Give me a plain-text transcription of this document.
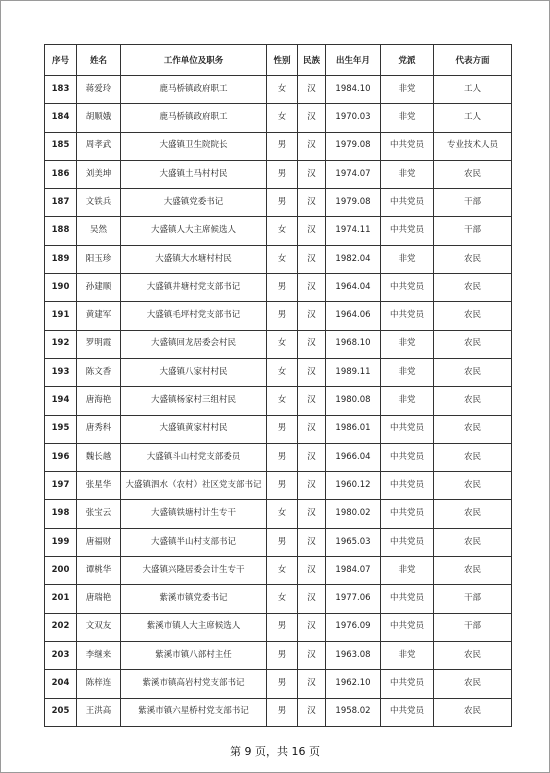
序号	姓名	工作单位及职务	性别	民族	出生年月	党派	代表方面
183	蒋爱玲	鹿马桥镇政府职工	女	汉	1984.10	非党	工人
184	胡顺娥	鹿马桥镇政府职工	女	汉	1970.03	非党	工人
185	周孝武	大盛镇卫生院院长	男	汉	1979.08	中共党员	专业技术人员
186	刘美坤	大盛镇土马村村民	男	汉	1974.07	非党	农民
187	文铁兵	大盛镇党委书记	男	汉	1979.08	中共党员	干部
188	吴然	大盛镇人大主席候选人	女	汉	1974.11	中共党员	干部
189	阳玉珍	大盛镇大水塘村村民	女	汉	1982.04	非党	农民
190	孙建顺	大盛镇井塘村党支部书记	男	汉	1964.04	中共党员	农民
191	黄建军	大盛镇毛坪村党支部书记	男	汉	1964.06	中共党员	农民
192	罗明霞	大盛镇回龙居委会村民	女	汉	1968.10	非党	农民
193	陈文香	大盛镇八家村村民	女	汉	1989.11	非党	农民
194	唐海艳	大盛镇杨家村三组村民	女	汉	1980.08	非党	农民
195	唐秀科	大盛镇黄家村村民	男	汉	1986.01	中共党员	农民
196	魏长越	大盛镇斗山村党支部委员	男	汉	1966.04	中共党员	农民
197	张星华	大盛镇泗水（农村）社区党支部书记	男	汉	1960.12	中共党员	农民
198	张宝云	大盛镇铁塘村计生专干	女	汉	1980.02	中共党员	农民
199	唐福财	大盛镇半山村支部书记	男	汉	1965.03	中共党员	农民
200	谭桃华	大盛镇兴隆居委会计生专干	女	汉	1984.07	非党	农民
201	唐瑞艳	紫溪市镇党委书记	女	汉	1977.06	中共党员	干部
202	文双友	紫溪市镇人大主席候选人	男	汉	1976.09	中共党员	干部
203	李继来	紫溪市镇八部村主任	男	汉	1963.08	非党	农民
204	陈梓连	紫溪市镇高岩村党支部书记	男	汉	1962.10	中共党员	农民
205	王洪高	紫溪市镇六星桥村党支部书记	男	汉	1958.02	中共党员	农民
第 9 页，共 16 页
